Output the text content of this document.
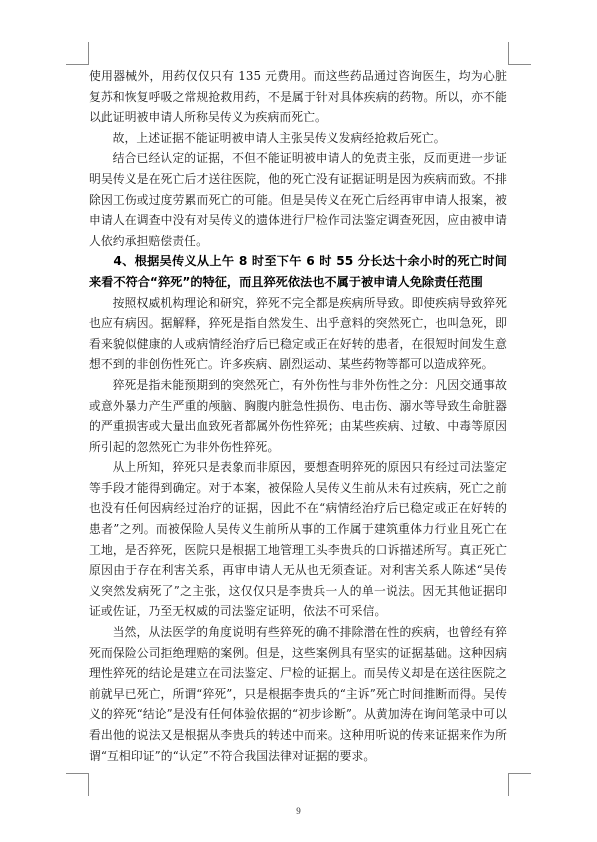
使用器械外，用药仅仅只有 135 元费用。而这些药品通过咨询医生，均为心脏复苏和恢复呼吸之常规抢救用药，不是属于针对具体疾病的药物。所以，亦不能以此证明被申请人所称吴传义为疾病而死亡。

故，上述证据不能证明被申请人主张吴传义发病经抢救后死亡。

结合已经认定的证据，不但不能证明被申请人的免责主张，反而更进一步证明吴传义是在死亡后才送往医院，他的死亡没有证据证明是因为疾病而致。不排除因工伤或过度劳累而死亡的可能。但是吴传义在死亡后经再审申请人报案，被申请人在调查中没有对吴传义的遗体进行尸检作司法鉴定调查死因，应由被申请人依约承担赔偿责任。

4、根据吴传义从上午 8 时至下午 6 时 55 分长达十余小时的死亡时间来看不符合“猝死”的特征，而且猝死依法也不属于被申请人免除责任范围

按照权威机构理论和研究，猝死不完全都是疾病所导致。即使疾病导致猝死也应有病因。据解释，猝死是指自然发生、出乎意料的突然死亡，也叫急死，即看来貌似健康的人或病情经治疗后已稳定或正在好转的患者，在很短时间发生意想不到的非创伤性死亡。许多疾病、剧烈运动、某些药物等都可以造成猝死。

猝死是指未能预期到的突然死亡，有外伤性与非外伤性之分：凡因交通事故或意外暴力产生严重的颅脑、胸腹内脏急性损伤、电击伤、溺水等导致生命脏器的严重损害或大量出血致死者都属外伤性猝死；由某些疾病、过敏、中毒等原因所引起的忽然死亡为非外伤性猝死。

从上所知，猝死只是表象而非原因，要想查明猝死的原因只有经过司法鉴定等手段才能得到确定。对于本案，被保险人吴传义生前从未有过疾病，死亡之前也没有任何因病经过治疗的证据，因此不在“病情经治疗后已稳定或正在好转的患者”之列。而被保险人吴传义生前所从事的工作属于建筑重体力行业且死亡在工地，是否猝死，医院只是根据工地管理工头李贵兵的口诉描述所写。真正死亡原因由于存在利害关系，再审申请人无从也无须查证。对利害关系人陈述“吴传义突然发病死了”之主张，这仅仅只是李贵兵一人的单一说法。因无其他证据印证或佐证，乃至无权威的司法鉴定证明，依法不可采信。

当然，从法医学的角度说明有些猝死的确不排除潜在性的疾病，也曾经有猝死而保险公司拒绝理赔的案例。但是，这些案例具有坚实的证据基础。这种因病理性猝死的结论是建立在司法鉴定、尸检的证据上。而吴传义却是在送往医院之前就早已死亡，所谓“猝死”，只是根据李贵兵的“主诉”死亡时间推断而得。吴传义的猝死“结论”是没有任何体验依据的“初步诊断”。从黄加涛在询问笔录中可以看出他的说法又是根据从李贵兵的转述中而来。这种用听说的传来证据来作为所谓“互相印证”的“认定”不符合我国法律对证据的要求。

9
